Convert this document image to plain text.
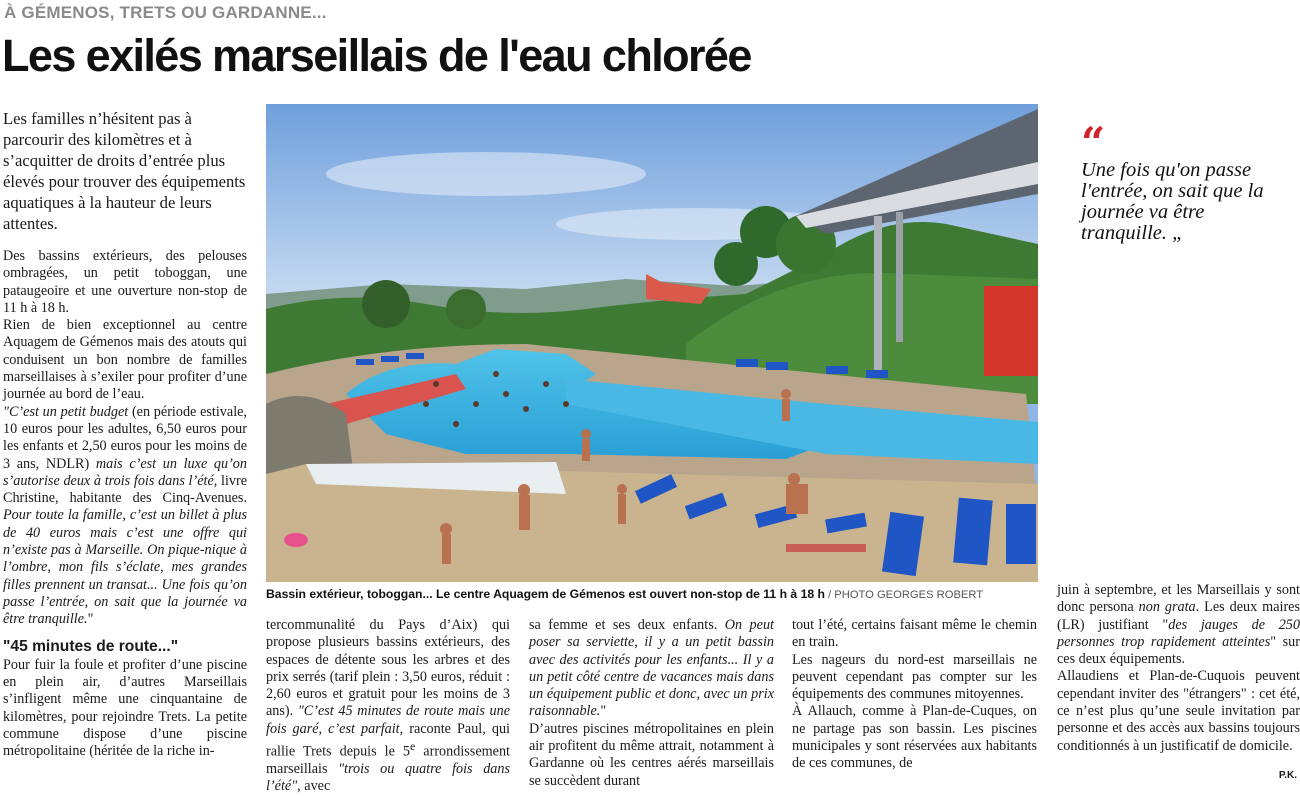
À GÉMENOS, TRETS OU GARDANNE...
Les exilés marseillais de l'eau chlorée

Les familles n’hésitent pas à parcourir des kilomètres et à s’acquitter de droits d’entrée plus élevés pour trouver des équipements aquatiques à la hauteur de leurs attentes.

Des bassins extérieurs, des pelouses ombragées, un petit toboggan, une pataugeoire et une ouverture non-stop de 11 h à 18 h.

Rien de bien exceptionnel au centre Aquagem de Gémenos mais des atouts qui conduisent un bon nombre de familles marseillaises à s’exiler pour profiter d’une journée au bord de l’eau.

"C’est un petit budget (en période estivale, 10 euros pour les adultes, 6,50 euros pour les enfants et 2,50 euros pour les moins de 3 ans, NDLR) mais c’est un luxe qu’on s’autorise deux à trois fois dans l’été, livre Christine, habitante des Cinq-Avenues. Pour toute la famille, c’est un billet à plus de 40 euros mais c’est une offre qui n’existe pas à Marseille. On pique-nique à l’ombre, mon fils s’éclate, mes grandes filles prennent un transat... Une fois qu’on passe l’entrée, on sait que la journée va être tranquille."

"45 minutes de route..."

Pour fuir la foule et profiter d’une piscine en plein air, d’autres Marseillais s’infligent même une cinquantaine de kilomètres, pour rejoindre Trets. La petite commune dispose d’une piscine métropolitaine (héritée de la riche in-

Bassin extérieur, toboggan... Le centre Aquagem de Gémenos est ouvert non-stop de 11 h à 18 h / PHOTO GEORGES ROBERT

tercommunalité du Pays d’Aix) qui propose plusieurs bassins extérieurs, des espaces de détente sous les arbres et des prix serrés (tarif plein : 3,50 euros, réduit : 2,60 euros et gratuit pour les moins de 3 ans). "C’est 45 minutes de route mais une fois garé, c’est parfait, raconte Paul, qui rallie Trets depuis le 5e arrondissement marseillais "trois ou quatre fois dans l’été", avec

sa femme et ses deux enfants. On peut poser sa serviette, il y a un petit bassin avec des activités pour les enfants... Il y a un petit côté centre de vacances mais dans un équipement public et donc, avec un prix raisonnable."

D’autres piscines métropolitaines en plein air profitent du même attrait, notamment à Gardanne où les centres aérés marseillais se succèdent durant

tout l’été, certains faisant même le chemin en train.

Les nageurs du nord-est marseillais ne peuvent cependant pas compter sur les équipements des communes mitoyennes.

À Allauch, comme à Plan-de-Cuques, on ne partage pas son bassin. Les piscines municipales y sont réservées aux habitants de ces communes, de

juin à septembre, et les Marseillais y sont donc persona non grata. Les deux maires (LR) justifiant "des jauges de 250 personnes trop rapidement atteintes" sur ces deux équipements.

Allaudiens et Plan-de-Cuquois peuvent cependant inviter des "étrangers" : cet été, ce n’est plus qu’une seule invitation par personne et des accès aux bassins toujours conditionnés à un justificatif de domicile.

“
Une fois qu'on passe l'entrée, on sait que la journée va être tranquille. „
P.K.
